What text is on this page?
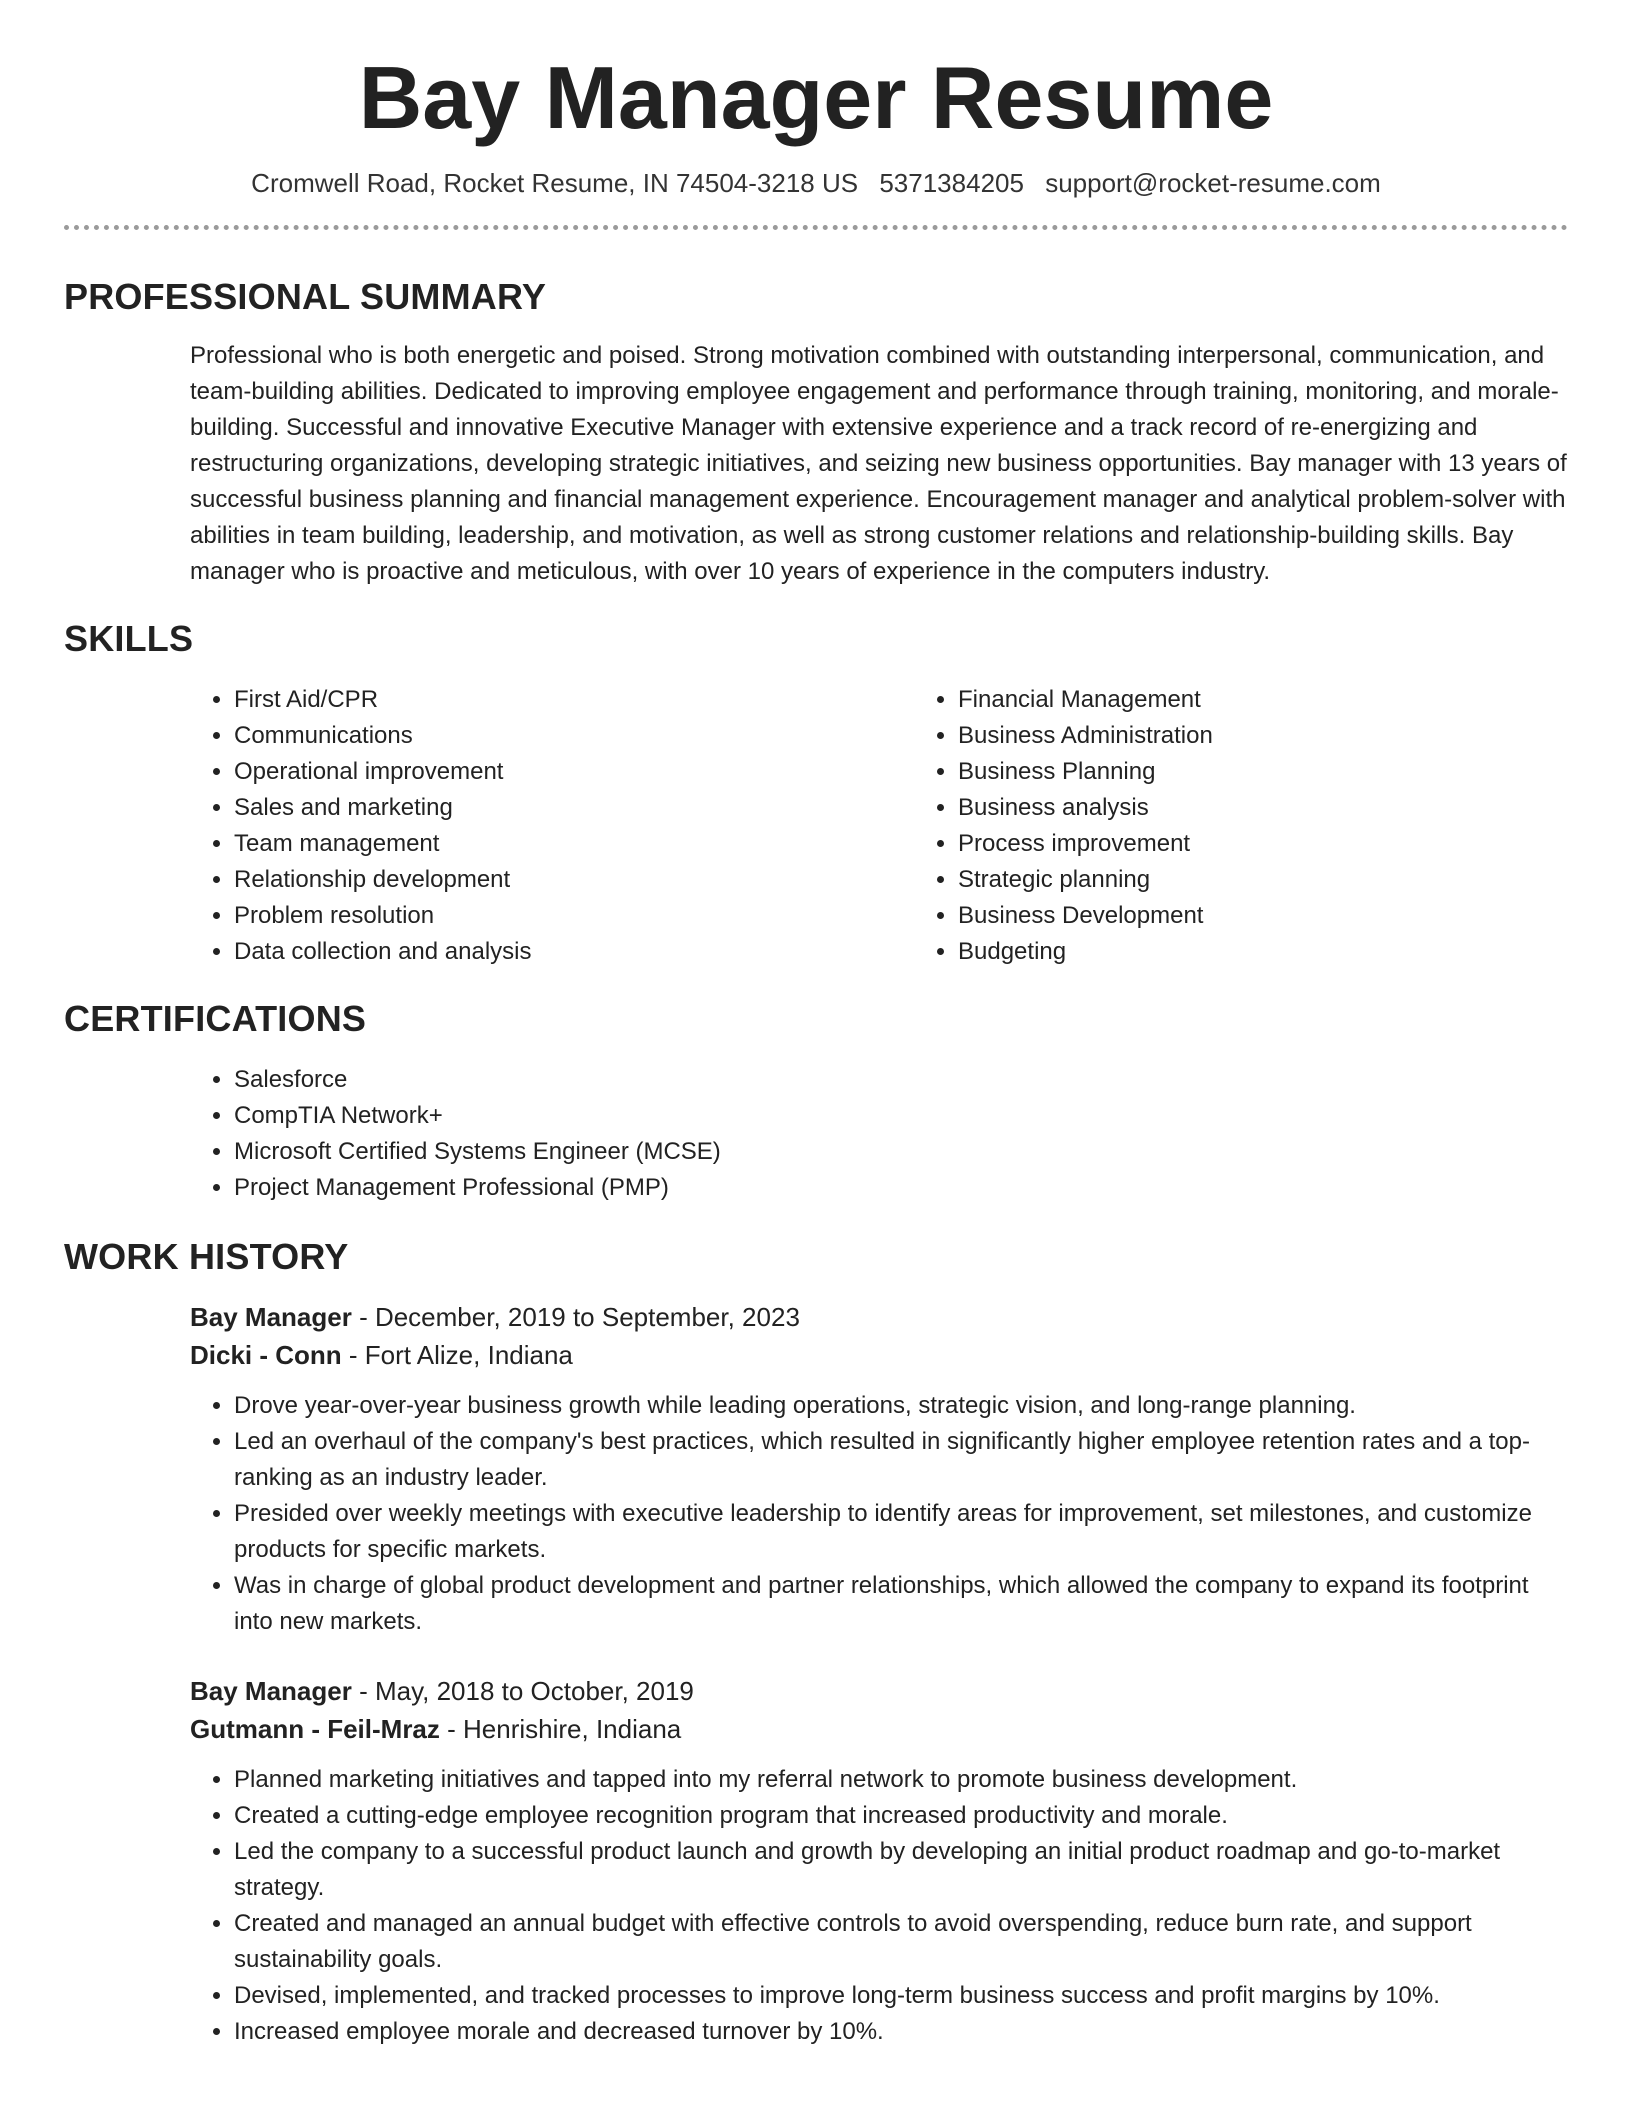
Bay Manager Resume
Cromwell Road, Rocket Resume, IN 74504-3218 US 5371384205 support@rocket-resume.com
PROFESSIONAL SUMMARY

Professional who is both energetic and poised. Strong motivation combined with outstanding interpersonal, communication, and team-building abilities. Dedicated to improving employee engagement and performance through training, monitoring, and morale-building. Successful and innovative Executive Manager with extensive experience and a track record of re-energizing and restructuring organizations, developing strategic initiatives, and seizing new business opportunities. Bay manager with 13 years of successful business planning and financial management experience. Encouragement manager and analytical problem-solver with abilities in team building, leadership, and motivation, as well as strong customer relations and relationship-building skills. Bay manager who is proactive and meticulous, with over 10 years of experience in the computers industry.

SKILLS
• First Aid/CPR
• Communications
• Operational improvement
• Sales and marketing
• Team management
• Relationship development
• Problem resolution
• Data collection and analysis
• Financial Management
• Business Administration
• Business Planning
• Business analysis
• Process improvement
• Strategic planning
• Business Development
• Budgeting
CERTIFICATIONS
• Salesforce
• CompTIA Network+
• Microsoft Certified Systems Engineer (MCSE)
• Project Management Professional (PMP)
WORK HISTORY
Bay Manager - December, 2019 to September, 2023
Dicki - Conn - Fort Alize, Indiana
• Drove year-over-year business growth while leading operations, strategic vision, and long-range planning.
• Led an overhaul of the company's best practices, which resulted in significantly higher employee retention rates and a top-ranking as an industry leader.
• Presided over weekly meetings with executive leadership to identify areas for improvement, set milestones, and customize products for specific markets.
• Was in charge of global product development and partner relationships, which allowed the company to expand its footprint into new markets.
Bay Manager - May, 2018 to October, 2019
Gutmann - Feil-Mraz - Henrishire, Indiana
• Planned marketing initiatives and tapped into my referral network to promote business development.
• Created a cutting-edge employee recognition program that increased productivity and morale.
• Led the company to a successful product launch and growth by developing an initial product roadmap and go-to-market strategy.
• Created and managed an annual budget with effective controls to avoid overspending, reduce burn rate, and support sustainability goals.
• Devised, implemented, and tracked processes to improve long-term business success and profit margins by 10%.
• Increased employee morale and decreased turnover by 10%.
